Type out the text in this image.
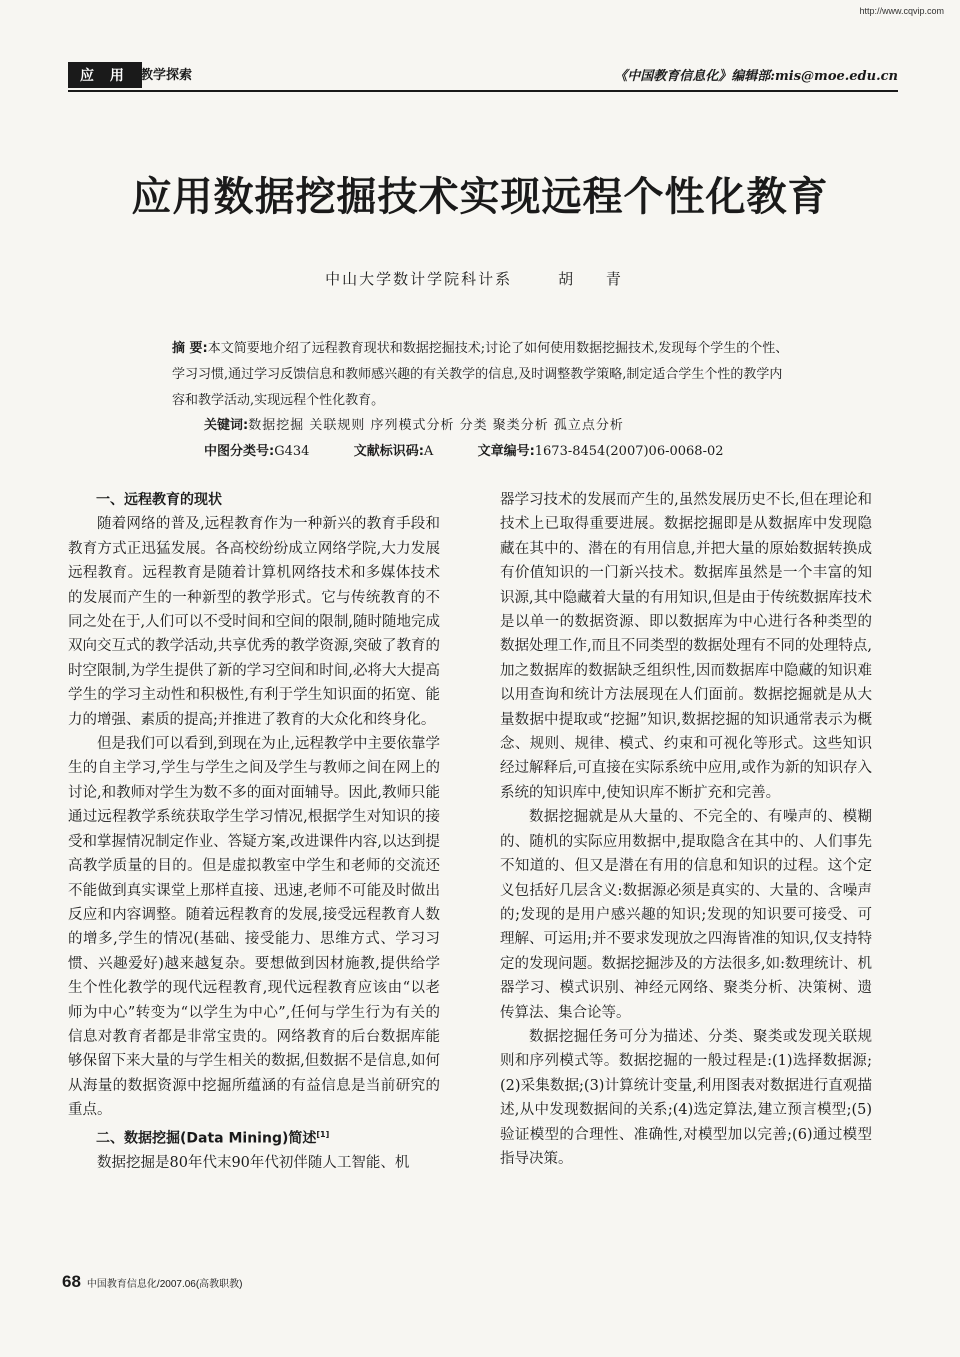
http://www.cqvip.com
应 用 教学探索	《中国教育信息化》编辑部:mis@moe.edu.cn
应用数据挖掘技术实现远程个性化教育
中山大学数计学院科计系	胡 青
摘 要:本文简要地介绍了远程教育现状和数据挖掘技术;讨论了如何使用数据挖掘技术,发现每个学生的个性、学习习惯,通过学习反馈信息和教师感兴趣的有关教学的信息,及时调整教学策略,制定适合学生个性的教学内容和教学活动,实现远程个性化教育。
关键词:数据挖掘 关联规则 序列模式分析 分类 聚类分析 孤立点分析
中图分类号:G434	文献标识码:A	文章编号:1673-8454(2007)06-0068-02
一、远程教育的现状

随着网络的普及,远程教育作为一种新兴的教育手段和教育方式正迅猛发展。各高校纷纷成立网络学院,大力发展远程教育。远程教育是随着计算机网络技术和多媒体技术的发展而产生的一种新型的教学形式。它与传统教育的不同之处在于,人们可以不受时间和空间的限制,随时随地完成双向交互式的教学活动,共享优秀的教学资源,突破了教育的时空限制,为学生提供了新的学习空间和时间,必将大大提高学生的学习主动性和积极性,有利于学生知识面的拓宽、能力的增强、素质的提高;并推进了教育的大众化和终身化。

但是我们可以看到,到现在为止,远程教学中主要依靠学生的自主学习,学生与学生之间及学生与教师之间在网上的讨论,和教师对学生为数不多的面对面辅导。因此,教师只能通过远程教学系统获取学生学习情况,根据学生对知识的接受和掌握情况制定作业、答疑方案,改进课件内容,以达到提高教学质量的目的。但是虚拟教室中学生和老师的交流还不能做到真实课堂上那样直接、迅速,老师不可能及时做出反应和内容调整。随着远程教育的发展,接受远程教育人数的增多,学生的情况(基础、接受能力、思维方式、学习习惯、兴趣爱好)越来越复杂。要想做到因材施教,提供给学生个性化教学的现代远程教育,现代远程教育应该由“以老师为中心”转变为“以学生为中心”,任何与学生行为有关的信息对教育者都是非常宝贵的。网络教育的后台数据库能够保留下来大量的与学生相关的数据,但数据不是信息,如何从海量的数据资源中挖掘所蕴涵的有益信息是当前研究的重点。

二、数据挖掘(Data Mining)简述[1]

数据挖掘是80年代末90年代初伴随人工智能、机

器学习技术的发展而产生的,虽然发展历史不长,但在理论和技术上已取得重要进展。数据挖掘即是从数据库中发现隐藏在其中的、潜在的有用信息,并把大量的原始数据转换成有价值知识的一门新兴技术。数据库虽然是一个丰富的知识源,其中隐藏着大量的有用知识,但是由于传统数据库技术是以单一的数据资源、即以数据库为中心进行各种类型的数据处理工作,而且不同类型的数据处理有不同的处理特点,加之数据库的数据缺乏组织性,因而数据库中隐藏的知识难以用查询和统计方法展现在人们面前。数据挖掘就是从大量数据中提取或“挖掘”知识,数据挖掘的知识通常表示为概念、规则、规律、模式、约束和可视化等形式。这些知识经过解释后,可直接在实际系统中应用,或作为新的知识存入系统的知识库中,使知识库不断扩充和完善。

数据挖掘就是从大量的、不完全的、有噪声的、模糊的、随机的实际应用数据中,提取隐含在其中的、人们事先不知道的、但又是潜在有用的信息和知识的过程。这个定义包括好几层含义:数据源必须是真实的、大量的、含噪声的;发现的是用户感兴趣的知识;发现的知识要可接受、可理解、可运用;并不要求发现放之四海皆准的知识,仅支持特定的发现问题。数据挖掘涉及的方法很多,如:数理统计、机器学习、模式识别、神经元网络、聚类分析、决策树、遗传算法、集合论等。

数据挖掘任务可分为描述、分类、聚类或发现关联规则和序列模式等。数据挖掘的一般过程是:(1)选择数据源;(2)采集数据;(3)计算统计变量,利用图表对数据进行直观描述,从中发现数据间的关系;(4)选定算法,建立预言模型;(5)验证模型的合理性、准确性,对模型加以完善;(6)通过模型指导决策。

68 中国教育信息化/2007.06(高教职教)
